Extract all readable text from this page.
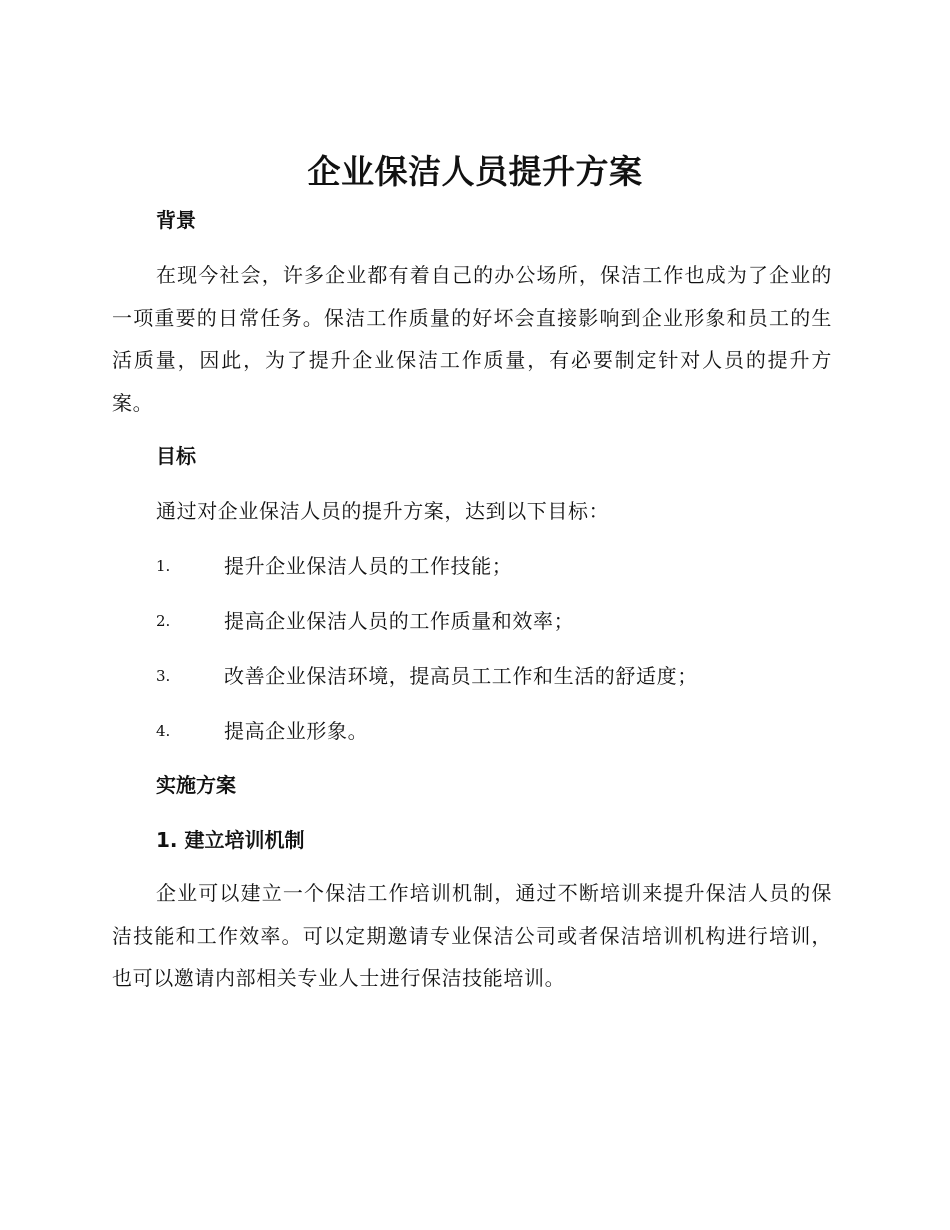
企业保洁人员提升方案
背景
在现今社会，许多企业都有着自己的办公场所，保洁工作也成为了企业的一项重要的日常任务。保洁工作质量的好坏会直接影响到企业形象和员工的生活质量，因此，为了提升企业保洁工作质量，有必要制定针对人员的提升方案。
目标
通过对企业保洁人员的提升方案，达到以下目标：
1.	提升企业保洁人员的工作技能；
2.	提高企业保洁人员的工作质量和效率；
3.	改善企业保洁环境，提高员工工作和生活的舒适度；
4.	提高企业形象。
实施方案
1. 建立培训机制
企业可以建立一个保洁工作培训机制，通过不断培训来提升保洁人员的保洁技能和工作效率。可以定期邀请专业保洁公司或者保洁培训机构进行培训，也可以邀请内部相关专业人士进行保洁技能培训。
